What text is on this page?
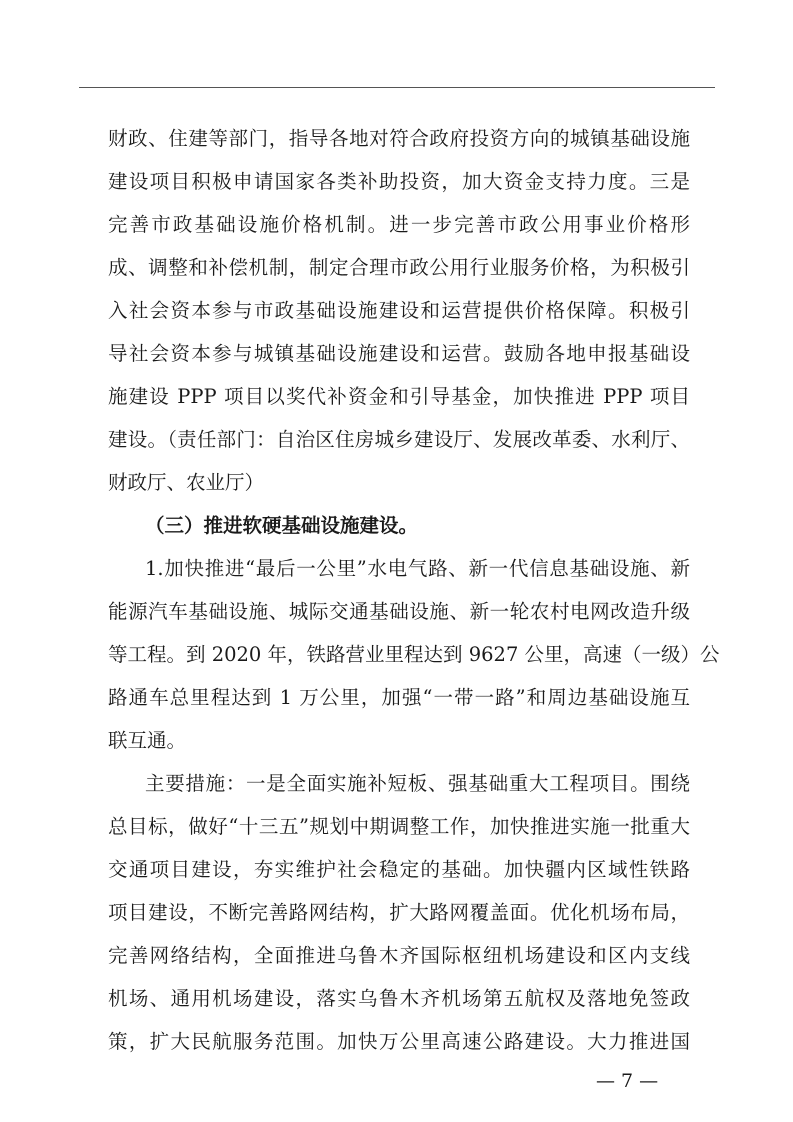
财政、住建等部门，指导各地对符合政府投资方向的城镇基础设施
建设项目积极申请国家各类补助投资，加大资金支持力度。三是
完善市政基础设施价格机制。进一步完善市政公用事业价格形
成、调整和补偿机制，制定合理市政公用行业服务价格，为积极引
入社会资本参与市政基础设施建设和运营提供价格保障。积极引
导社会资本参与城镇基础设施建设和运营。鼓励各地申报基础设
施建设 PPP 项目以奖代补资金和引导基金，加快推进 PPP 项目
建设。（责任部门：自治区住房城乡建设厅、发展改革委、水利厅、
财政厅、农业厅）
（三）推进软硬基础设施建设。
1.加快推进“最后一公里”水电气路、新一代信息基础设施、新
能源汽车基础设施、城际交通基础设施、新一轮农村电网改造升级
等工程。到 2020 年，铁路营业里程达到 9627 公里，高速（一级）公
路通车总里程达到 1 万公里，加强“一带一路”和周边基础设施互
联互通。
主要措施：一是全面实施补短板、强基础重大工程项目。围绕
总目标，做好“十三五”规划中期调整工作，加快推进实施一批重大
交通项目建设，夯实维护社会稳定的基础。加快疆内区域性铁路
项目建设，不断完善路网结构，扩大路网覆盖面。优化机场布局，
完善网络结构，全面推进乌鲁木齐国际枢纽机场建设和区内支线
机场、通用机场建设，落实乌鲁木齐机场第五航权及落地免签政
策，扩大民航服务范围。加快万公里高速公路建设。大力推进国
— 7 —
